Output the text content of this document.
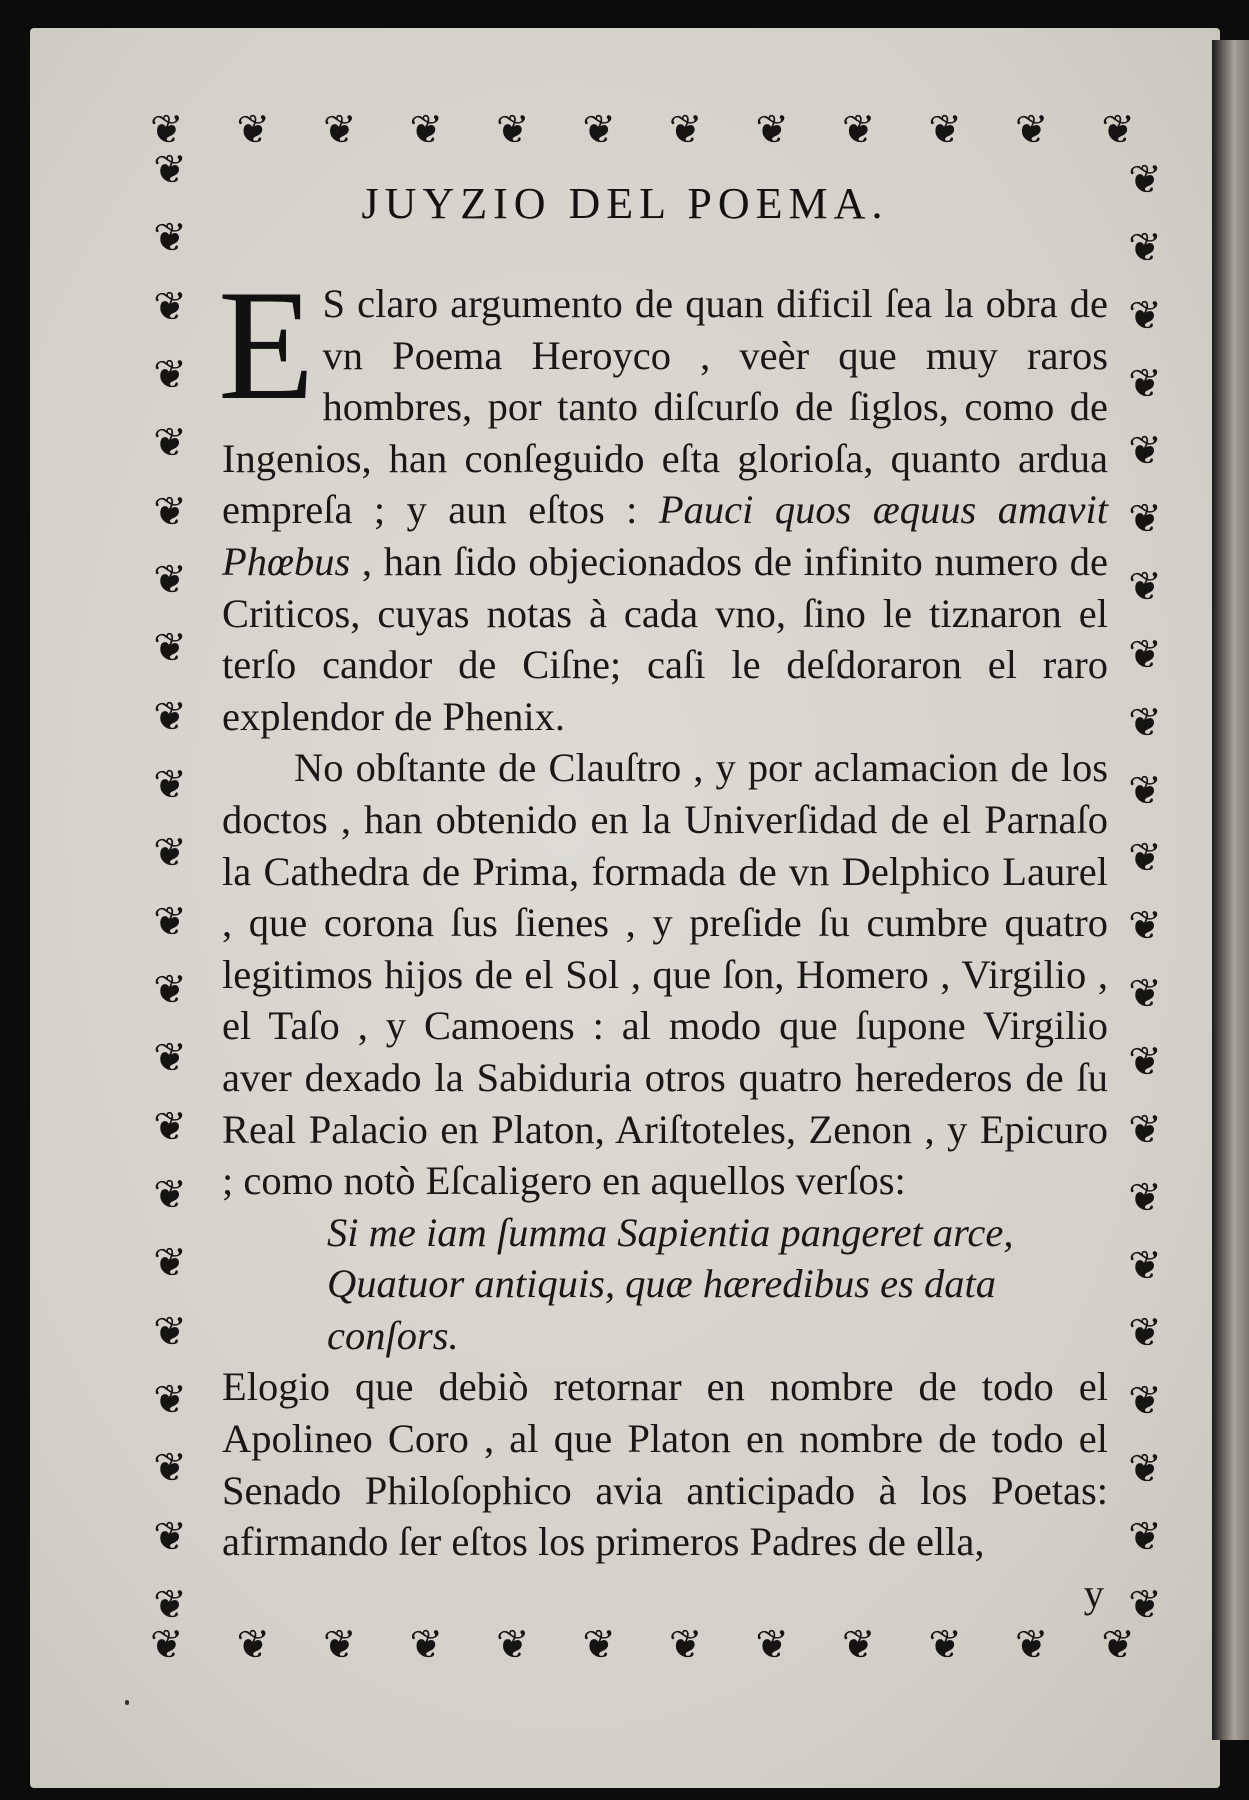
❦ ❦ ❦ ❦ ❦ ❦ ❦ ❦ ❦ ❦ ❦ ❦
❦ ❦ ❦ ❦ ❦ ❦ ❦ ❦ ❦ ❦ ❦ ❦
❦
❦
❦
❦
❦
❦
❦
❦
❦
❦
❦
❦
❦
❦
❦
❦
❦
❦
❦
❦
❦
❦
❦
❦
❦
❦
❦
❦
❦
❦
❦
❦
❦
❦
❦
❦
❦
❦
❦
❦
❦
❦
❦
❦
JUYZIO DEL POEMA.

E S claro argumento de quan dificil ſea la obra de vn Poema Heroyco , veèr que muy raros hombres, por tanto diſcurſo de ſiglos, como de Ingenios, han conſeguido eſta glorioſa, quanto ardua empreſa ; y aun eſtos : Pauci quos æquus amavit Phœbus , han ſido objecionados de infinito numero de Criticos, cuyas notas à cada vno, ſino le tiznaron el terſo candor de Ciſne; caſi le deſdoraron el raro explendor de Phenix.

No obſtante de Clauſtro , y por aclamacion de los doctos , han obtenido en la Univerſidad de el Parnaſo la Cathedra de Prima, formada de vn Delphico Laurel , que corona ſus ſienes , y preſide ſu cumbre quatro legitimos hijos de el Sol , que ſon, Homero , Virgilio , el Taſo , y Camoens : al modo que ſupone Virgilio aver dexado la Sabiduria otros quatro herederos de ſu Real Palacio en Platon, Ariſtoteles, Zenon , y Epicuro ; como notò Eſcaligero en aquellos verſos:

Si me iam ſumma Sapientia pangeret arce,

Quatuor antiquis, quæ hæredibus es data conſors.

Elogio que debiò retornar en nombre de todo el Apolineo Coro , al que Platon en nombre de todo el Senado Philoſophico avia anticipado à los Poetas: afirmando ſer eſtos los primeros Padres de ella,

y
